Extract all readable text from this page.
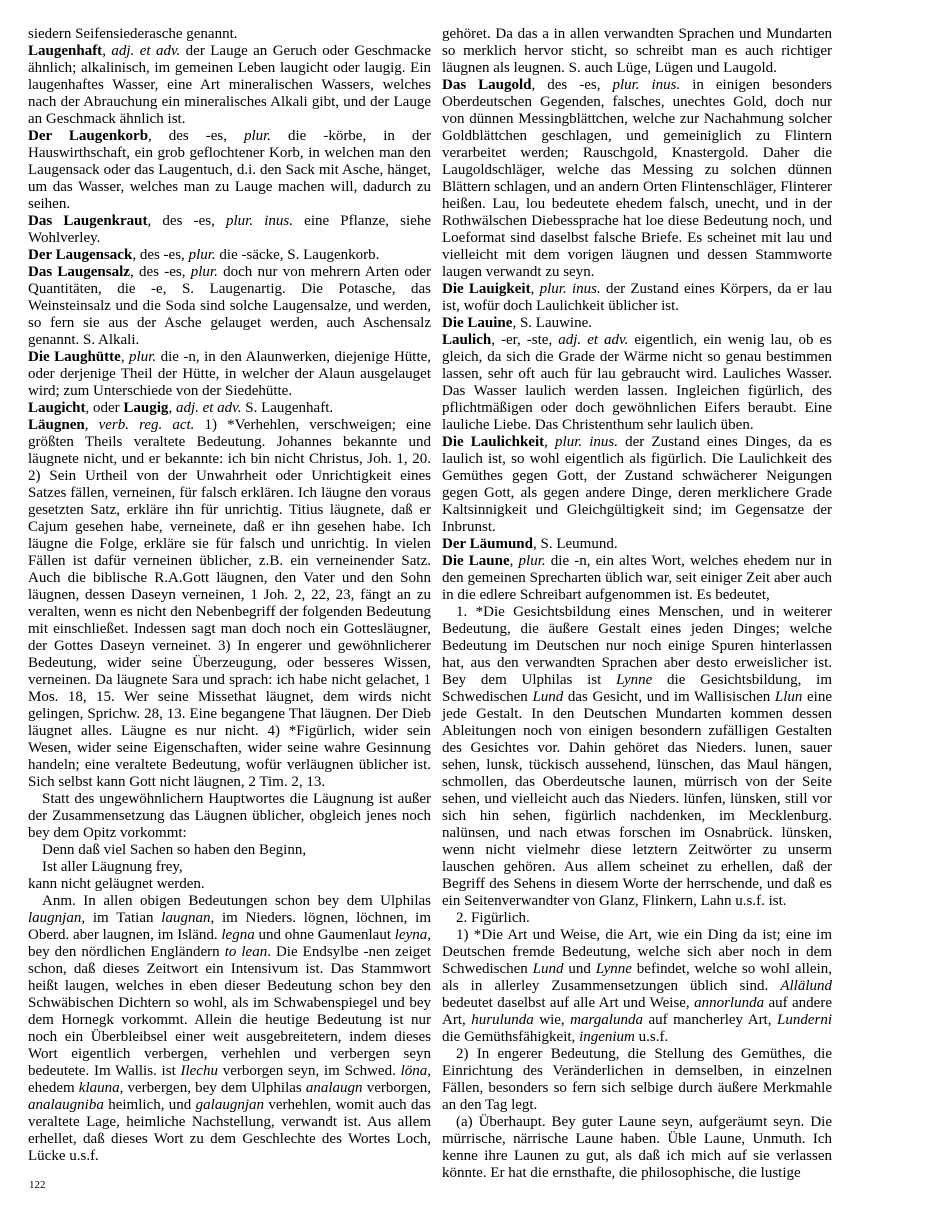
siedern Seifensiederasche genannt.

Laugenhaft, adj. et adv. der Lauge an Geruch oder Geschmacke ähnlich; alkalinisch, im gemeinen Leben laugicht oder laugig. Ein laugenhaftes Wasser, eine Art mineralischen Wassers, welches nach der Abrauchung ein mineralisches Alkali gibt, und der Lauge an Geschmack ähnlich ist.

Der Laugenkorb, des -es, plur. die -körbe, in der Hauswirthschaft, ein grob geflochtener Korb, in welchen man den Laugensack oder das Laugentuch, d.i. den Sack mit Asche, hänget, um das Wasser, welches man zu Lauge machen will, dadurch zu seihen.

Das Laugenkraut, des -es, plur. inus. eine Pflanze, siehe Wohlverley.

Der Laugensack, des -es, plur. die -säcke, S. Laugenkorb.

Das Laugensalz, des -es, plur. doch nur von mehrern Arten oder Quantitäten, die -e, S. Laugenartig. Die Potasche, das Weinsteinsalz und die Soda sind solche Laugensalze, und werden, so fern sie aus der Asche gelauget werden, auch Aschensalz genannt. S. Alkali.

Die Laughütte, plur. die -n, in den Alaunwerken, diejenige Hütte, oder derjenige Theil der Hütte, in welcher der Alaun ausgelauget wird; zum Unterschiede von der Siedehütte.

Laugicht, oder Laugig, adj. et adv. S. Laugenhaft.

Läugnen, verb. reg. act. 1) *Verhehlen, verschweigen; eine größten Theils veraltete Bedeutung. Johannes bekannte und läugnete nicht, und er bekannte: ich bin nicht Christus, Joh. 1, 20. 2) Sein Urtheil von der Unwahrheit oder Unrichtigkeit eines Satzes fällen, verneinen, für falsch erklären. Ich läugne den voraus gesetzten Satz, erkläre ihn für unrichtig. Titius läugnete, daß er Cajum gesehen habe, verneinete, daß er ihn gesehen habe. Ich läugne die Folge, erkläre sie für falsch und unrichtig. In vielen Fällen ist dafür verneinen üblicher, z.B. ein verneinender Satz. Auch die biblische R.A.Gott läugnen, den Vater und den Sohn läugnen, dessen Daseyn verneinen, 1 Joh. 2, 22, 23, fängt an zu veralten, wenn es nicht den Nebenbegriff der folgenden Bedeutung mit einschließet. Indessen sagt man doch noch ein Gottesläugner, der Gottes Daseyn verneinet. 3) In engerer und gewöhnlicherer Bedeutung, wider seine Überzeugung, oder besseres Wissen, verneinen. Da läugnete Sara und sprach: ich habe nicht gelachet, 1 Mos. 18, 15. Wer seine Missethat läugnet, dem wirds nicht gelingen, Sprichw. 28, 13. Eine begangene That läugnen. Der Dieb läugnet alles. Läugne es nur nicht. 4) *Figürlich, wider sein Wesen, wider seine Eigenschaften, wider seine wahre Gesinnung handeln; eine veraltete Bedeutung, wofür verläugnen üblicher ist. Sich selbst kann Gott nicht läugnen, 2 Tim. 2, 13.

Statt des ungewöhnlichern Hauptwortes die Läugnung ist außer der Zusammensetzung das Läugnen üblicher, obgleich jenes noch bey dem Opitz vorkommt:

Denn daß viel Sachen so haben den Beginn,

Ist aller Läugnung frey,

kann nicht geläugnet werden.

Anm. In allen obigen Bedeutungen schon bey dem Ulphilas laugnjan, im Tatian laugnan, im Nieders. lögnen, löchnen, im Oberd. aber laugnen, im Isländ. legna und ohne Gaumenlaut leyna, bey den nördlichen Engländern to lean. Die Endsylbe -nen zeiget schon, daß dieses Zeitwort ein Intensivum ist. Das Stammwort heißt laugen, welches in eben dieser Bedeutung schon bey den Schwäbischen Dichtern so wohl, als im Schwabenspiegel und bey dem Hornegk vorkommt. Allein die heutige Bedeutung ist nur noch ein Überbleibsel einer weit ausgebreitetern, indem dieses Wort eigentlich verbergen, verhehlen und verbergen seyn bedeutete. Im Wallis. ist Ilechu verborgen seyn, im Schwed. löna, ehedem klauna, verbergen, bey dem Ulphilas analaugn verborgen, analaugniba heimlich, und galaugnjan verhehlen, womit auch das veraltete Lage, heimliche Nachstellung, verwandt ist. Aus allem erhellet, daß dieses Wort zu dem Geschlechte des Wortes Loch, Lücke u.s.f.

gehöret. Da das a in allen verwandten Sprachen und Mundarten so merklich hervor sticht, so schreibt man es auch richtiger läugnen als leugnen. S. auch Lüge, Lügen und Laugold.

Das Laugold, des -es, plur. inus. in einigen besonders Oberdeutschen Gegenden, falsches, unechtes Gold, doch nur von dünnen Messingblättchen, welche zur Nachahmung solcher Goldblättchen geschlagen, und gemeiniglich zu Flintern verarbeitet werden; Rauschgold, Knastergold. Daher die Laugoldschläger, welche das Messing zu solchen dünnen Blättern schlagen, und an andern Orten Flintenschläger, Flinterer heißen. Lau, lou bedeutete ehedem falsch, unecht, und in der Rothwälschen Diebessprache hat loe diese Bedeutung noch, und Loeformat sind daselbst falsche Briefe. Es scheinet mit lau und vielleicht mit dem vorigen läugnen und dessen Stammworte laugen verwandt zu seyn.

Die Lauigkeit, plur. inus. der Zustand eines Körpers, da er lau ist, wofür doch Laulichkeit üblicher ist.

Die Lauine, S. Lauwine.

Laulich, -er, -ste, adj. et adv. eigentlich, ein wenig lau, ob es gleich, da sich die Grade der Wärme nicht so genau bestimmen lassen, sehr oft auch für lau gebraucht wird. Lauliches Wasser. Das Wasser laulich werden lassen. Ingleichen figürlich, des pflichtmäßigen oder doch gewöhnlichen Eifers beraubt. Eine lauliche Liebe. Das Christenthum sehr laulich üben.

Die Laulichkeit, plur. inus. der Zustand eines Dinges, da es laulich ist, so wohl eigentlich als figürlich. Die Laulichkeit des Gemüthes gegen Gott, der Zustand schwächerer Neigungen gegen Gott, als gegen andere Dinge, deren merklichere Grade Kaltsinnigkeit und Gleichgültigkeit sind; im Gegensatze der Inbrunst.

Der Läumund, S. Leumund.

Die Laune, plur. die -n, ein altes Wort, welches ehedem nur in den gemeinen Sprecharten üblich war, seit einiger Zeit aber auch in die edlere Schreibart aufgenommen ist. Es bedeutet,

1. *Die Gesichtsbildung eines Menschen, und in weiterer Bedeutung, die äußere Gestalt eines jeden Dinges; welche Bedeutung im Deutschen nur noch einige Spuren hinterlassen hat, aus den verwandten Sprachen aber desto erweislicher ist. Bey dem Ulphilas ist Lynne die Gesichtsbildung, im Schwedischen Lund das Gesicht, und im Wallisischen Llun eine jede Gestalt. In den Deutschen Mundarten kommen dessen Ableitungen noch von einigen besondern zufälligen Gestalten des Gesichtes vor. Dahin gehöret das Nieders. lunen, sauer sehen, lunsk, tückisch aussehend, lünschen, das Maul hängen, schmollen, das Oberdeutsche launen, mürrisch von der Seite sehen, und vielleicht auch das Nieders. lünfen, lünsken, still vor sich hin sehen, figürlich nachdenken, im Mecklenburg. nalünsen, und nach etwas forschen im Osnabrück. lünsken, wenn nicht vielmehr diese letztern Zeitwörter zu unserm lauschen gehören. Aus allem scheinet zu erhellen, daß der Begriff des Sehens in diesem Worte der herrschende, und daß es ein Seitenverwandter von Glanz, Flinkern, Lahn u.s.f. ist.

2. Figürlich.

1) *Die Art und Weise, die Art, wie ein Ding da ist; eine im Deutschen fremde Bedeutung, welche sich aber noch in dem Schwedischen Lund und Lynne befindet, welche so wohl allein, als in allerley Zusammensetzungen üblich sind. Allälund bedeutet daselbst auf alle Art und Weise, annorlunda auf andere Art, hurulunda wie, margalunda auf mancherley Art, Lunderni die Gemüthsfähigkeit, ingenium u.s.f.

2) In engerer Bedeutung, die Stellung des Gemüthes, die Einrichtung des Veränderlichen in demselben, in einzelnen Fällen, besonders so fern sich selbige durch äußere Merkmahle an den Tag legt.

(a) Überhaupt. Bey guter Laune seyn, aufgeräumt seyn. Die mürrische, närrische Laune haben. Üble Laune, Unmuth. Ich kenne ihre Launen zu gut, als daß ich mich auf sie verlassen könnte. Er hat die ernsthafte, die philosophische, die lustige

122
